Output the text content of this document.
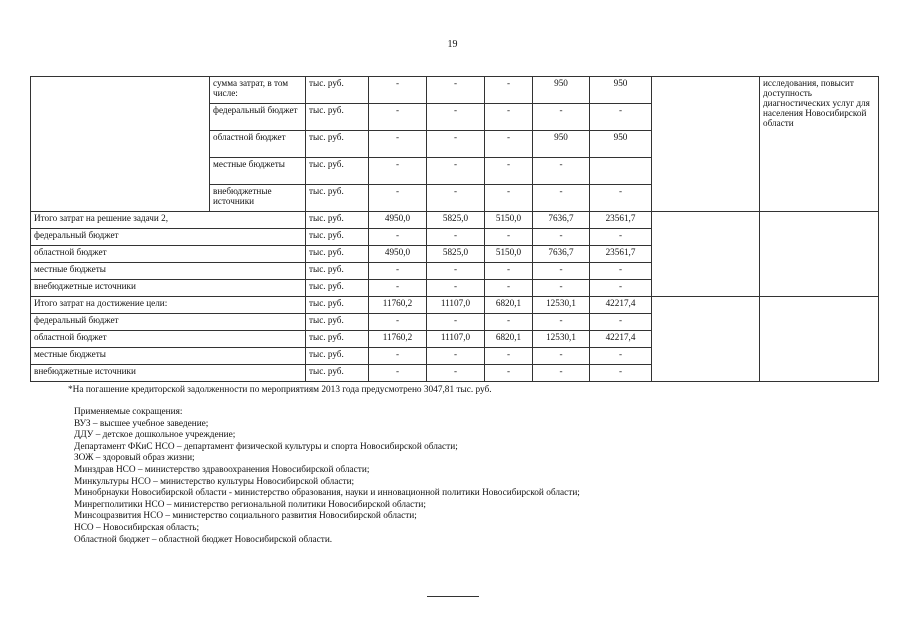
19
	сумма затрат, в том числе:	тыс. руб.	-	-	-	950	950		исследования, повысит доступность диагностических услуг для населения Новосибирской области
	федеральный бюджет	тыс. руб.	-	-	-	-	-		
	областной бюджет	тыс. руб.	-	-	-	950	950		
	местные бюджеты	тыс. руб.	-	-	-	-			
	внебюджетные источники	тыс. руб.	-	-	-	-	-		
Итого затрат на решение задачи 2,		тыс. руб.	4950,0	5825,0	5150,0	7636,7	23561,7		
федеральный бюджет		тыс. руб.	-	-	-	-	-		
областной бюджет		тыс. руб.	4950,0	5825,0	5150,0	7636,7	23561,7		
местные бюджеты		тыс. руб.	-	-	-	-	-		
внебюджетные источники		тыс. руб.	-	-	-	-	-		
Итого затрат на достижение цели:		тыс. руб.	11760,2	11107,0	6820,1	12530,1	42217,4		
федеральный бюджет		тыс. руб.	-	-	-	-	-		
областной бюджет		тыс. руб.	11760,2	11107,0	6820,1	12530,1	42217,4		
местные бюджеты		тыс. руб.	-	-	-	-	-		
внебюджетные источники		тыс. руб.	-	-	-	-	-		
*На погашение кредиторской задолженности по мероприятиям 2013 года предусмотрено 3047,81 тыс. руб.
Применяемые сокращения:
ВУЗ – высшее учебное заведение;
ДДУ – детское дошкольное учреждение;
Департамент ФКиС НСО – департамент физической культуры и спорта Новосибирской области;
ЗОЖ – здоровый образ жизни;
Минздрав НСО – министерство здравоохранения Новосибирской области;
Минкультуры НСО – министерство культуры Новосибирской области;
Минобрнауки Новосибирской области - министерство образования, науки и инновационной политики Новосибирской области;
Минрегполитики НСО – министерство региональной политики Новосибирской области;
Минсоцразвития НСО – министерство социального развития Новосибирской области;
НСО – Новосибирская область;
Областной бюджет – областной бюджет Новосибирской области.
